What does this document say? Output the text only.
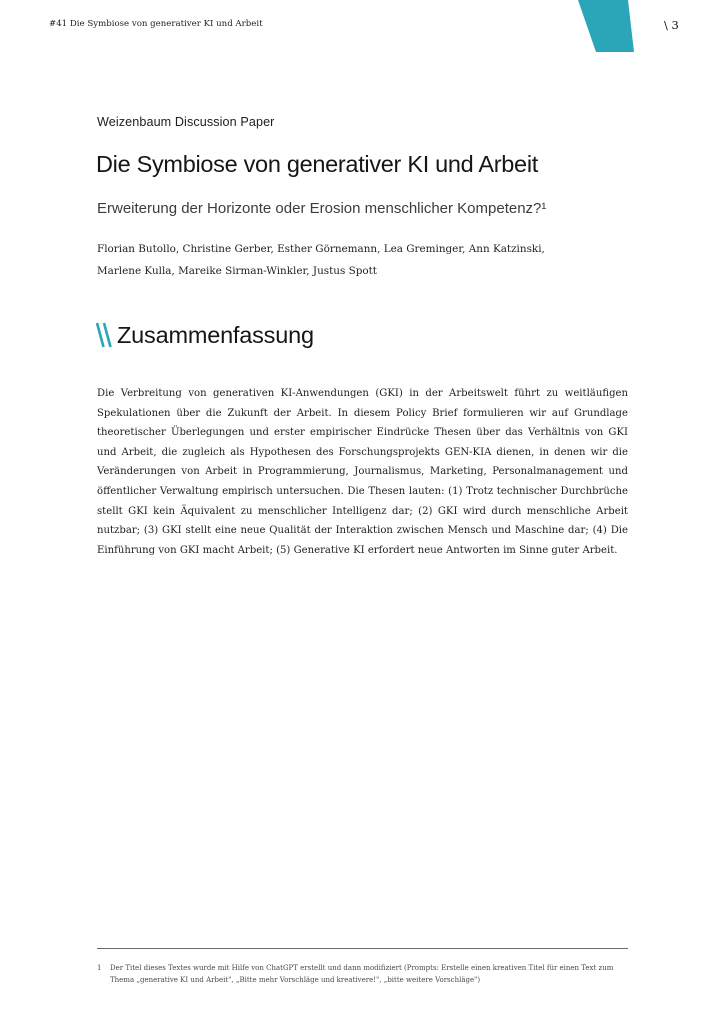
#41 Die Symbiose von generativer KI und Arbeit	\ 3
Weizenbaum Discussion Paper
Die Symbiose von generativer KI und Arbeit
Erweiterung der Horizonte oder Erosion menschlicher Kompetenz?¹
Florian Butollo, Christine Gerber, Esther Görnemann, Lea Greminger, Ann Katzinski,
Marlene Kulla, Mareike Sirman-Winkler, Justus Spott
Zusammenfassung

Die Verbreitung von generativen KI-Anwendungen (GKI) in der Arbeitswelt führt zu weitläufigen Spekulationen über die Zukunft der Arbeit. In diesem Policy Brief formulieren wir auf Grundlage theoretischer Überlegungen und erster empirischer Eindrücke Thesen über das Verhältnis von GKI und Arbeit, die zugleich als Hypothesen des Forschungsprojekts GEN-KIA dienen, in denen wir die Veränderungen von Arbeit in Programmierung, Journalismus, Marketing, Personalmanagement und öffentlicher Verwaltung empirisch untersuchen. Die Thesen lauten: (1) Trotz technischer Durchbrüche stellt GKI kein Äquivalent zu menschlicher Intelligenz dar; (2) GKI wird durch menschliche Arbeit nutzbar; (3) GKI stellt eine neue Qualität der Interaktion zwischen Mensch und Maschine dar; (4) Die Einführung von GKI macht Arbeit; (5) Generative KI erfordert neue Antworten im Sinne guter Arbeit.

1 Der Titel dieses Textes wurde mit Hilfe von ChatGPT erstellt und dann modifiziert (Prompts: Erstelle einen kreativen Titel für einen Text zum Thema „generative KI und Arbeit", „Bitte mehr Vorschläge und kreativere!", „bitte weitere Vorschläge")
